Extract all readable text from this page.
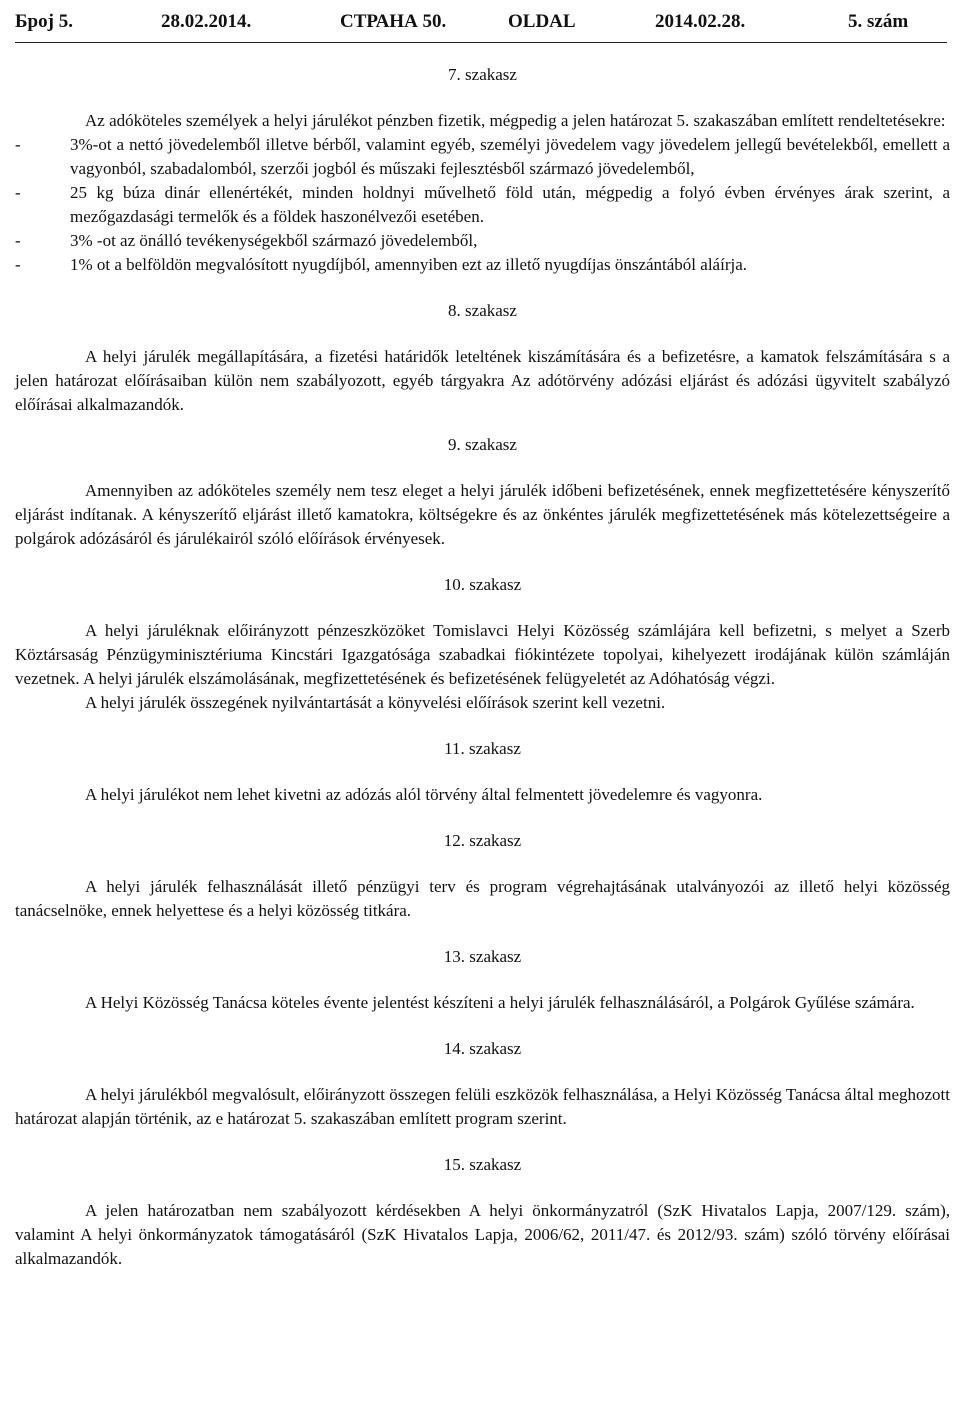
Број 5.	28.02.2014.	СТРАНА 50.	OLDAL	2014.02.28.	5. szám

7. szakasz

Az adóköteles személyek a helyi járulékot pénzben fizetik, mégpedig a jelen határozat 5. szakaszában említett rendeltetésekre:

-	3%-ot a nettó jövedelemből illetve bérből, valamint egyéb, személyi jövedelem vagy jövedelem jellegű bevételekből, emellett a vagyonból, szabadalomból, szerzői jogból és műszaki fejlesztésből származó jövedelemből,
-	25 kg búza dinár ellenértékét, minden holdnyi művelhető föld után, mégpedig a folyó évben érvényes árak szerint, a mezőgazdasági termelők és a földek haszonélvezői esetében.
-	3% -ot az önálló tevékenységekből származó jövedelemből,
-	1% ot a belföldön megvalósított nyugdíjból, amennyiben ezt az illető nyugdíjas önszántából aláírja.

8. szakasz

A helyi járulék megállapítására, a fizetési határidők leteltének kiszámítására és a befizetésre, a kamatok felszámítására s a jelen határozat előírásaiban külön nem szabályozott, egyéb tárgyakra Az adótörvény adózási eljárást és adózási ügyvitelt szabályzó előírásai alkalmazandók.

9. szakasz

Amennyiben az adóköteles személy nem tesz eleget a helyi járulék időbeni befizetésének, ennek megfizettetésére kényszerítő eljárást indítanak. A kényszerítő eljárást illető kamatokra, költségekre és az önkéntes járulék megfizettetésének más kötelezettségeire a polgárok adózásáról és járulékairól szóló előírások érvényesek.

10. szakasz

A helyi járuléknak előirányzott pénzeszközöket Tomislavci Helyi Közösség számlájára kell befizetni, s melyet a Szerb Köztársaság Pénzügyminisztériuma Kincstári Igazgatósága szabadkai fiókintézete topolyai, kihelyezett irodájának külön számláján vezetnek. A helyi járulék elszámolásának, megfizettetésének és befizetésének felügyeletét az Adóhatóság végzi.

A helyi járulék összegének nyilvántartását a könyvelési előírások szerint kell vezetni.

11. szakasz

A helyi járulékot nem lehet kivetni az adózás alól törvény által felmentett jövedelemre és vagyonra.

12. szakasz

A helyi járulék felhasználását illető pénzügyi terv és program végrehajtásának utalványozói az illető helyi közösség tanácselnöke, ennek helyettese és a helyi közösség titkára.

13. szakasz

A Helyi Közösség Tanácsa köteles évente jelentést készíteni a helyi járulék felhasználásáról, a Polgárok Gyűlése számára.

14. szakasz

A helyi járulékból megvalósult, előirányzott összegen felüli eszközök felhasználása, a Helyi Közösség Tanácsa által meghozott határozat alapján történik, az e határozat 5. szakaszában említett program szerint.

15. szakasz

A jelen határozatban nem szabályozott kérdésekben A helyi önkormányzatról (SzK Hivatalos Lapja, 2007/129. szám), valamint A helyi önkormányzatok támogatásáról (SzK Hivatalos Lapja, 2006/62, 2011/47. és 2012/93. szám) szóló törvény előírásai alkalmazandók.
